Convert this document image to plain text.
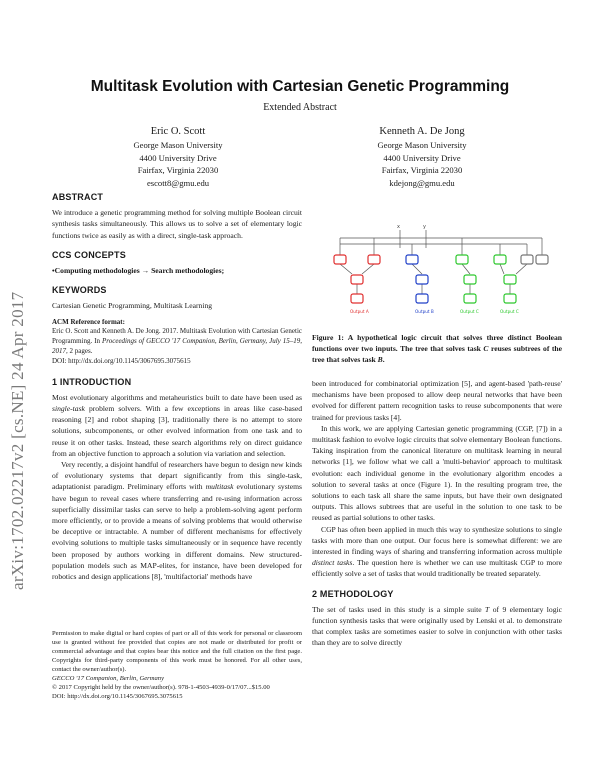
arXiv:1702.02217v2 [cs.NE] 24 Apr 2017
Multitask Evolution with Cartesian Genetic Programming
Extended Abstract
Eric O. Scott
George Mason University
4400 University Drive
Fairfax, Virginia 22030
escott8@gmu.edu
Kenneth A. De Jong
George Mason University
4400 University Drive
Fairfax, Virginia 22030
kdejong@gmu.edu
ABSTRACT

We introduce a genetic programming method for solving multiple Boolean circuit synthesis tasks simultaneously. This allows us to solve a set of elementary logic functions twice as easily as with a direct, single-task approach.

CCS CONCEPTS

•Computing methodologies → Search methodologies;

KEYWORDS

Cartesian Genetic Programming, Multitask Learning

ACM Reference format:
Eric O. Scott and Kenneth A. De Jong. 2017. Multitask Evolution with Cartesian Genetic Programming. In Proceedings of GECCO '17 Companion, Berlin, Germany, July 15–19, 2017, 2 pages.
DOI: http://dx.doi.org/10.1145/3067695.3075615
1 INTRODUCTION

Most evolutionary algorithms and metaheuristics built to date have been used as single-task problem solvers. With a few exceptions in areas like case-based reasoning [2] and robot shaping [3], traditionally there is no attempt to store solutions, subcomponents, or other evolved information from one task and to reuse it on other tasks. Instead, these search algorithms rely on direct guidance from an objective function to approach a solution via variation and selection.

Very recently, a disjoint handful of researchers have begun to design new kinds of evolutionary systems that depart significantly from this single-task, adaptationist paradigm. Preliminary efforts with multitask evolutionary systems have begun to reveal cases where transferring and re-using information across superficially dissimilar tasks can serve to help a problem-solving agent perform more efficiently, or to provide a means of solving problems that would otherwise be deceptive or intractable. A number of different mechanisms for effectively evolving solutions to multiple tasks simultaneously or in sequence have recently been proposed by authors working in different domains. New structured-population models such as MAP-elites, for instance, have been developed for robotics and design applications [8], 'multifactorial' methods have

Permission to make digital or hard copies of part or all of this work for personal or classroom use is granted without fee provided that copies are not made or distributed for profit or commercial advantage and that copies bear this notice and the full citation on the first page. Copyrights for third-party components of this work must be honored. For all other uses, contact the owner/author(s).
GECCO '17 Companion, Berlin, Germany
© 2017 Copyright held by the owner/author(s). 978-1-4503-4939-0/17/07...$15.00
DOI: http://dx.doi.org/10.1145/3067695.3075615
x	y
Output A	Output B	Output C	Output C
Figure 1: A hypothetical logic circuit that solves three distinct Boolean functions over two inputs. The tree that solves task C reuses subtrees of the tree that solves task B.

been introduced for combinatorial optimization [5], and agent-based 'path-reuse' mechanisms have been proposed to allow deep neural networks that have been evolved for different pattern recognition tasks to reuse subcomponents that were trained for previous tasks [4].

In this work, we are applying Cartesian genetic programming (CGP, [7]) in a multitask fashion to evolve logic circuits that solve elementary Boolean functions. Taking inspiration from the canonical literature on multitask learning in neural networks [1], we follow what we call a 'multi-behavior' approach to multitask evolution: each individual genome in the evolutionary algorithm encodes a solution to several tasks at once (Figure 1). In the resulting program tree, the solutions to each task all share the same inputs, but have their own designated outputs. This allows subtrees that are useful in the solution to one task to be reused as partial solutions to other tasks.

CGP has often been applied in much this way to synthesize solutions to single tasks with more than one output. Our focus here is somewhat different: we are interested in finding ways of sharing and transferring information across multiple distinct tasks. The question here is whether we can use multitask CGP to more efficiently solve a set of tasks that would traditionally be treated separately.

2 METHODOLOGY

The set of tasks used in this study is a simple suite T of 9 elementary logic function synthesis tasks that were originally used by Lenski et al. to demonstrate that complex tasks are sometimes easier to solve in conjunction with other tasks than they are to solve directly
